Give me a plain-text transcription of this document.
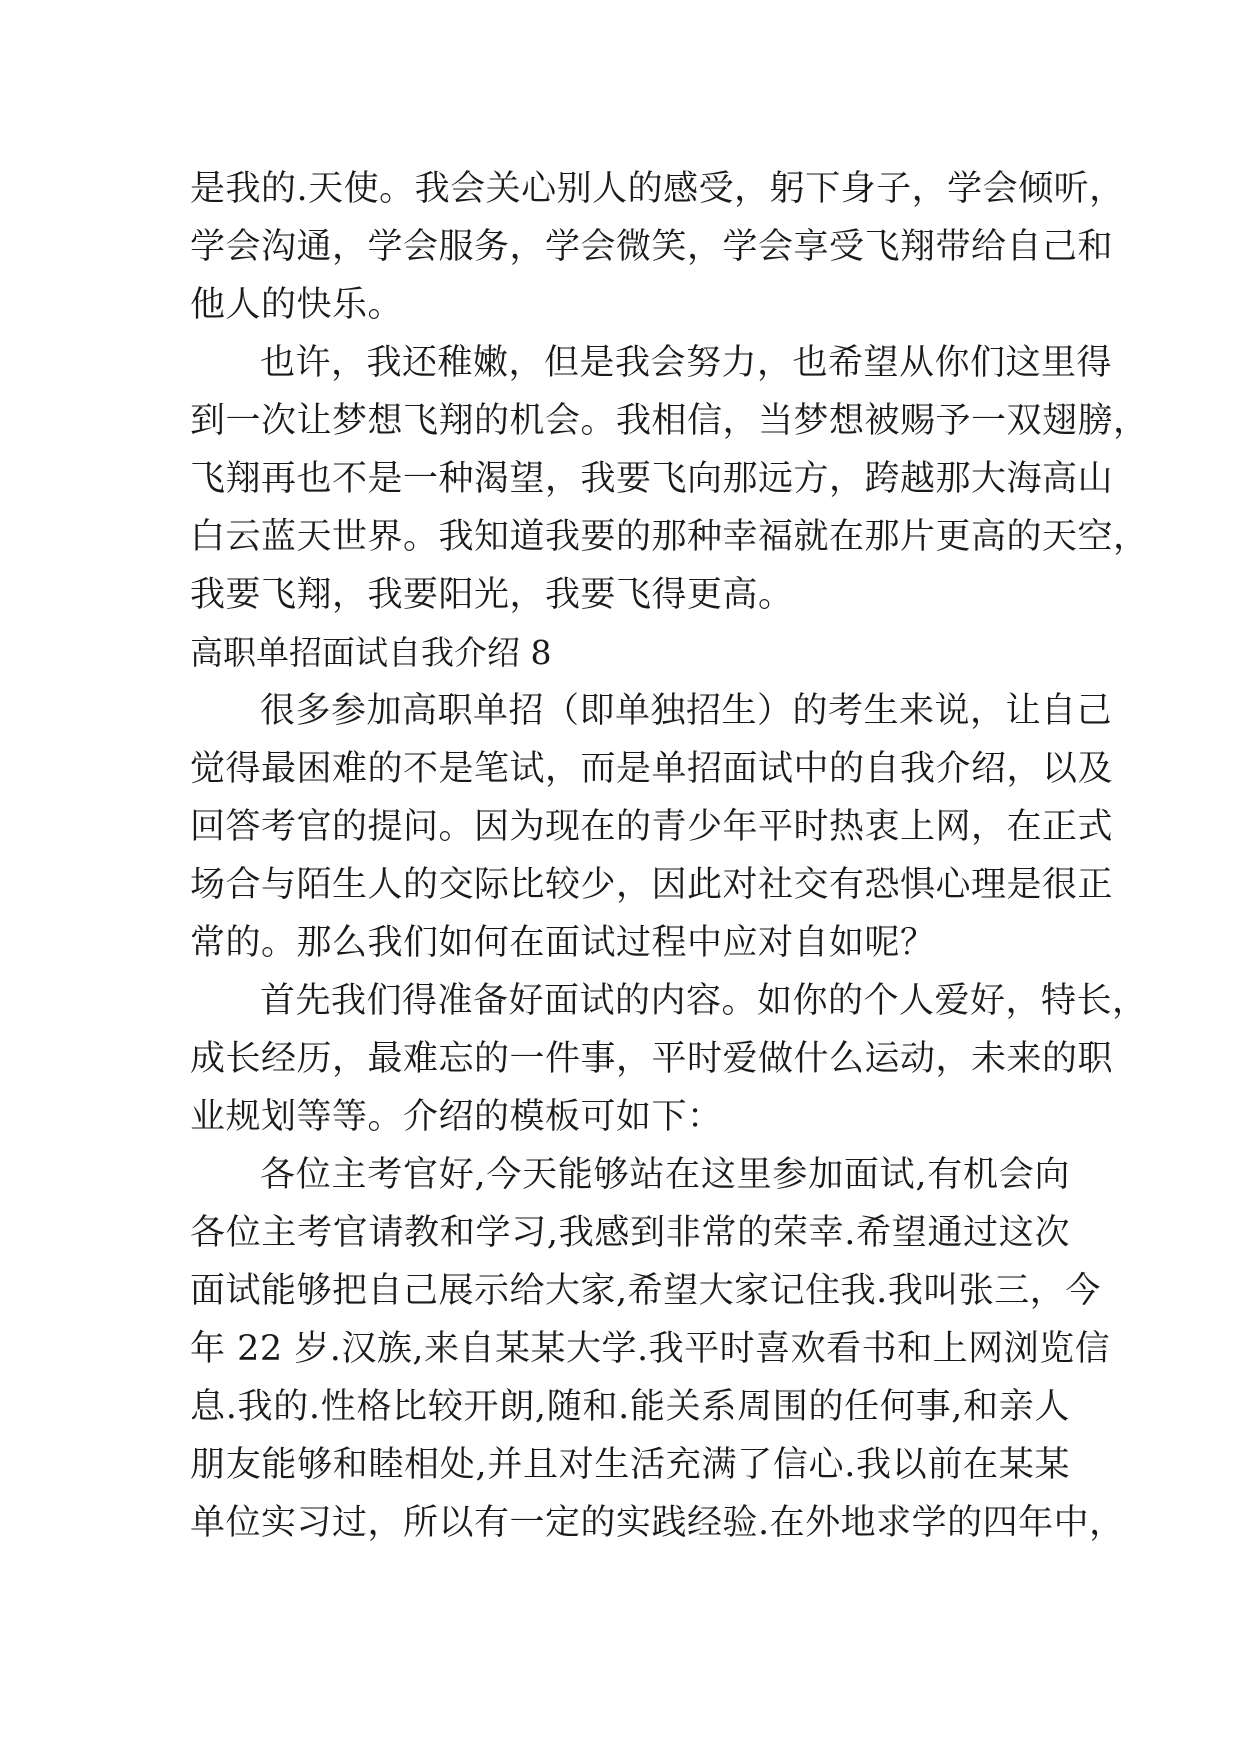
是我的.天使。我会关心别人的感受，躬下身子，学会倾听，
学会沟通，学会服务，学会微笑，学会享受飞翔带给自己和
他人的快乐。
也许，我还稚嫩，但是我会努力，也希望从你们这里得
到一次让梦想飞翔的机会。我相信，当梦想被赐予一双翅膀，
飞翔再也不是一种渴望，我要飞向那远方，跨越那大海高山
白云蓝天世界。我知道我要的那种幸福就在那片更高的天空，
我要飞翔，我要阳光，我要飞得更高。
高职单招面试自我介绍 8
很多参加高职单招（即单独招生）的考生来说，让自己
觉得最困难的不是笔试，而是单招面试中的自我介绍，以及
回答考官的提问。因为现在的青少年平时热衷上网，在正式
场合与陌生人的交际比较少，因此对社交有恐惧心理是很正
常的。那么我们如何在面试过程中应对自如呢？
首先我们得准备好面试的内容。如你的个人爱好，特长，
成长经历，最难忘的一件事，平时爱做什么运动，未来的职
业规划等等。介绍的模板可如下：
各位主考官好,今天能够站在这里参加面试,有机会向
各位主考官请教和学习,我感到非常的荣幸.希望通过这次
面试能够把自己展示给大家,希望大家记住我.我叫张三，今
年 22 岁.汉族,来自某某大学.我平时喜欢看书和上网浏览信
息.我的.性格比较开朗,随和.能关系周围的任何事,和亲人
朋友能够和睦相处,并且对生活充满了信心.我以前在某某
单位实习过，所以有一定的实践经验.在外地求学的四年中，
